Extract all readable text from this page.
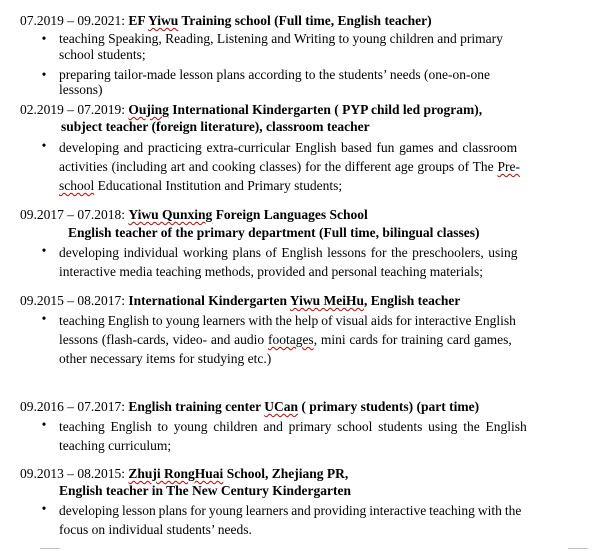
07.2019 – 09.2021: EF Yiwu Training school (Full time, English teacher)
• teaching Speaking, Reading, Listening and Writing to young children and primary
school students;
• preparing tailor-made lesson plans according to the students’ needs (one-on-one
lessons)
02.2019 – 07.2019: Oujing International Kindergarten ( PYP child led program),
subject teacher (foreign literature), classroom teacher
• developing and practicing extra-curricular English based fun games and classroom
activities (including art and cooking classes) for the different age groups of The Pre-
school Educational Institution and Primary students;
09.2017 – 07.2018: Yiwu Qunxing Foreign Languages School
English teacher of the primary department (Full time, bilingual classes)
• developing individual working plans of English lessons for the preschoolers, using
interactive media teaching methods, provided and personal teaching materials;
09.2015 – 08.2017: International Kindergarten Yiwu MeiHu, English teacher
• teaching English to young learners with the help of visual aids for interactive English
lessons (flash-cards, video- and audio footages, mini cards for training card games,
other necessary items for studying etc.)
09.2016 – 07.2017: English training center UCan ( primary students) (part time)
• teaching English to young children and primary school students using the English
teaching curriculum;
09.2013 – 08.2015: Zhuji RongHuai School, Zhejiang PR,
English teacher in The New Century Kindergarten
• developing lesson plans for young learners and providing interactive teaching with the
focus on individual students’ needs.
